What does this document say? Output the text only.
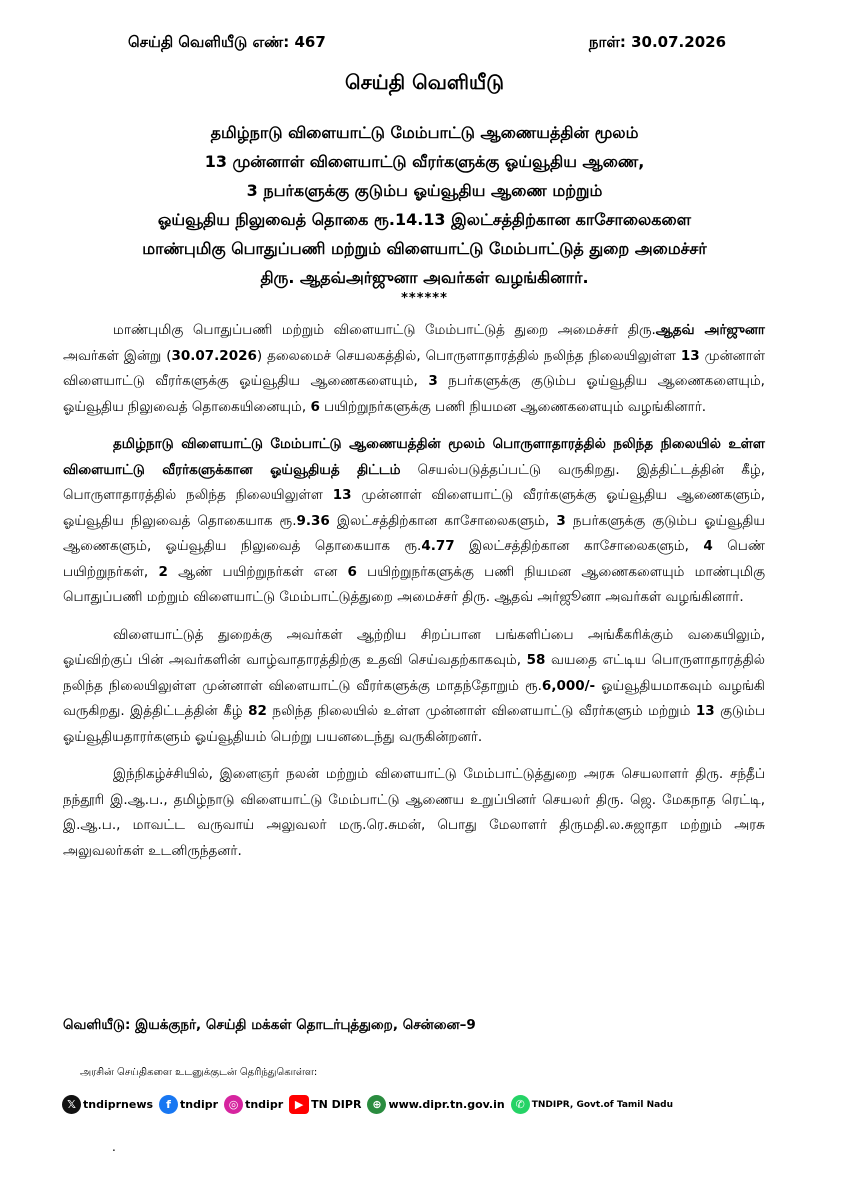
செய்தி வெளியீடு எண்: 467	நாள்: 30.07.2026
செய்தி வெளியீடு
தமிழ்நாடு விளையாட்டு மேம்பாட்டு ஆணையத்தின் மூலம்
13 முன்னாள் விளையாட்டு வீரர்களுக்கு ஓய்வூதிய ஆணை,
3 நபர்களுக்கு குடும்ப ஓய்வூதிய ஆணை மற்றும்
ஓய்வூதிய நிலுவைத் தொகை ரூ.14.13 இலட்சத்திற்கான காசோலைகளை
மாண்புமிகு பொதுப்பணி மற்றும் விளையாட்டு மேம்பாட்டுத் துறை அமைச்சர்
திரு. ஆதவ்அர்ஜுனா அவர்கள் வழங்கினார்.
******

மாண்புமிகு பொதுப்பணி மற்றும் விளையாட்டு மேம்பாட்டுத் துறை அமைச்சர் திரு.ஆதவ் அர்ஜுனா அவர்கள் இன்று (30.07.2026) தலைமைச் செயலகத்தில், பொருளாதாரத்தில் நலிந்த நிலையிலுள்ள 13 முன்னாள் விளையாட்டு வீரர்களுக்கு ஓய்வூதிய ஆணைகளையும், 3 நபர்களுக்கு குடும்ப ஓய்வூதிய ஆணைகளையும், ஓய்வூதிய நிலுவைத் தொகையினையும், 6 பயிற்றுநர்களுக்கு பணி நியமன ஆணைகளையும் வழங்கினார்.

தமிழ்நாடு விளையாட்டு மேம்பாட்டு ஆணையத்தின் மூலம் பொருளாதாரத்தில் நலிந்த நிலையில் உள்ள விளையாட்டு வீரர்களுக்கான ஓய்வூதியத் திட்டம் செயல்படுத்தப்பட்டு வருகிறது. இத்திட்டத்தின் கீழ், பொருளாதாரத்தில் நலிந்த நிலையிலுள்ள 13 முன்னாள் விளையாட்டு வீரர்களுக்கு ஓய்வூதிய ஆணைகளும், ஓய்வூதிய நிலுவைத் தொகையாக ரூ.9.36 இலட்சத்திற்கான காசோலைகளும், 3 நபர்களுக்கு குடும்ப ஓய்வூதிய ஆணைகளும், ஓய்வூதிய நிலுவைத் தொகையாக ரூ.4.77 இலட்சத்திற்கான காசோலைகளும், 4 பெண் பயிற்றுநர்கள், 2 ஆண் பயிற்றுநர்கள் என 6 பயிற்றுநர்களுக்கு பணி நியமன ஆணைகளையும் மாண்புமிகு பொதுப்பணி மற்றும் விளையாட்டு மேம்பாட்டுத்துறை அமைச்சர் திரு. ஆதவ் அர்ஜூனா அவர்கள் வழங்கினார்.

விளையாட்டுத் துறைக்கு அவர்கள் ஆற்றிய சிறப்பான பங்களிப்பை அங்கீகரிக்கும் வகையிலும், ஓய்விற்குப் பின் அவர்களின் வாழ்வாதாரத்திற்கு உதவி செய்வதற்காகவும், 58 வயதை எட்டிய பொருளாதாரத்தில் நலிந்த நிலையிலுள்ள முன்னாள் விளையாட்டு வீரர்களுக்கு மாதந்தோறும் ரூ.6,000/- ஓய்வூதியமாகவும் வழங்கி வருகிறது. இத்திட்டத்தின் கீழ் 82 நலிந்த நிலையில் உள்ள முன்னாள் விளையாட்டு வீரர்களும் மற்றும் 13 குடும்ப ஓய்வூதியதாரர்களும் ஓய்வூதியம் பெற்று பயனடைந்து வருகின்றனர்.

இந்நிகழ்ச்சியில், இளைஞர் நலன் மற்றும் விளையாட்டு மேம்பாட்டுத்துறை அரசு செயலாளர் திரு. சந்தீப் நந்தூரி இ.ஆ.ப., தமிழ்நாடு விளையாட்டு மேம்பாட்டு ஆணைய உறுப்பினர் செயலர் திரு. ஜெ. மேகநாத ரெட்டி, இ.ஆ.ப., மாவட்ட வருவாய் அலுவலர் மரு.ரெ.சுமன், பொது மேலாளர் திருமதி.ல.சுஜாதா மற்றும் அரசு அலுவலர்கள் உடனிருந்தனர்.

வெளியீடு: இயக்குநர், செய்தி மக்கள் தொடர்புத்துறை, சென்னை–9
அரசின் செய்திகளை உடனுக்குடன் தெரிந்துகொள்ள:
𝕏 tndiprnews	f tndipr ◎ tndipr	▶ TN DIPR ⊕ www.dipr.tn.gov.in ✆ TNDIPR, Govt.of Tamil Nadu
.
